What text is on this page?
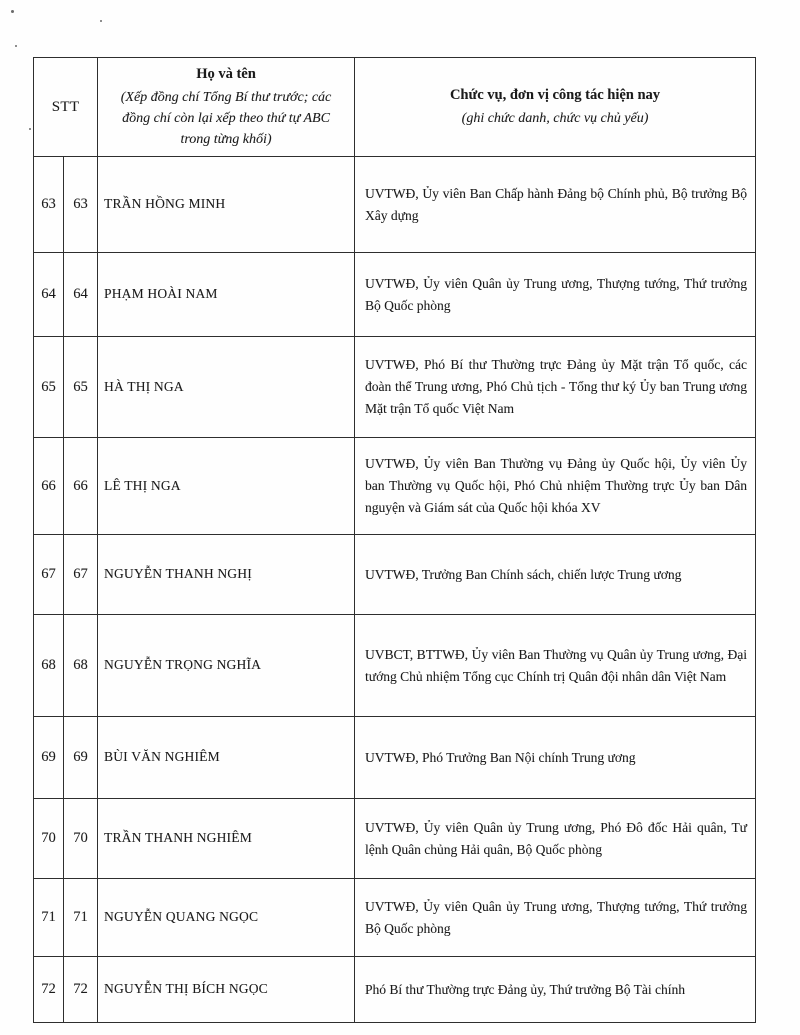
STT	
Họ và tên
(Xếp đồng chí Tổng Bí thư trước; các đồng chí còn lại xếp theo thứ tự ABC trong từng khối)

Chức vụ, đơn vị công tác hiện nay
(ghi chức danh, chức vụ chủ yếu)

63	63	TRẦN HỒNG MINH	UVTWĐ, Ủy viên Ban Chấp hành Đảng bộ Chính phủ, Bộ trưởng Bộ Xây dựng
64	64	PHẠM HOÀI NAM	UVTWĐ, Ủy viên Quân ủy Trung ương, Thượng tướng, Thứ trưởng Bộ Quốc phòng
65	65	HÀ THỊ NGA	UVTWĐ, Phó Bí thư Thường trực Đảng ủy Mặt trận Tổ quốc, các đoàn thể Trung ương, Phó Chủ tịch - Tổng thư ký Ủy ban Trung ương Mặt trận Tổ quốc Việt Nam
66	66	LÊ THỊ NGA	UVTWĐ, Ủy viên Ban Thường vụ Đảng ủy Quốc hội, Ủy viên Ủy ban Thường vụ Quốc hội, Phó Chủ nhiệm Thường trực Ủy ban Dân nguyện và Giám sát của Quốc hội khóa XV
67	67	NGUYỄN THANH NGHỊ	UVTWĐ, Trưởng Ban Chính sách, chiến lược Trung ương
68	68	NGUYỄN TRỌNG NGHĨA	UVBCT, BTTWĐ, Ủy viên Ban Thường vụ Quân ủy Trung ương, Đại tướng Chủ nhiệm Tổng cục Chính trị Quân đội nhân dân Việt Nam
69	69	BÙI VĂN NGHIÊM	UVTWĐ, Phó Trưởng Ban Nội chính Trung ương
70	70	TRẦN THANH NGHIÊM	UVTWĐ, Ủy viên Quân ủy Trung ương, Phó Đô đốc Hải quân, Tư lệnh Quân chủng Hải quân, Bộ Quốc phòng
71	71	NGUYỄN QUANG NGỌC	UVTWĐ, Ủy viên Quân ủy Trung ương, Thượng tướng, Thứ trưởng Bộ Quốc phòng
72	72	NGUYỄN THỊ BÍCH NGỌC	Phó Bí thư Thường trực Đảng ủy, Thứ trưởng Bộ Tài chính
